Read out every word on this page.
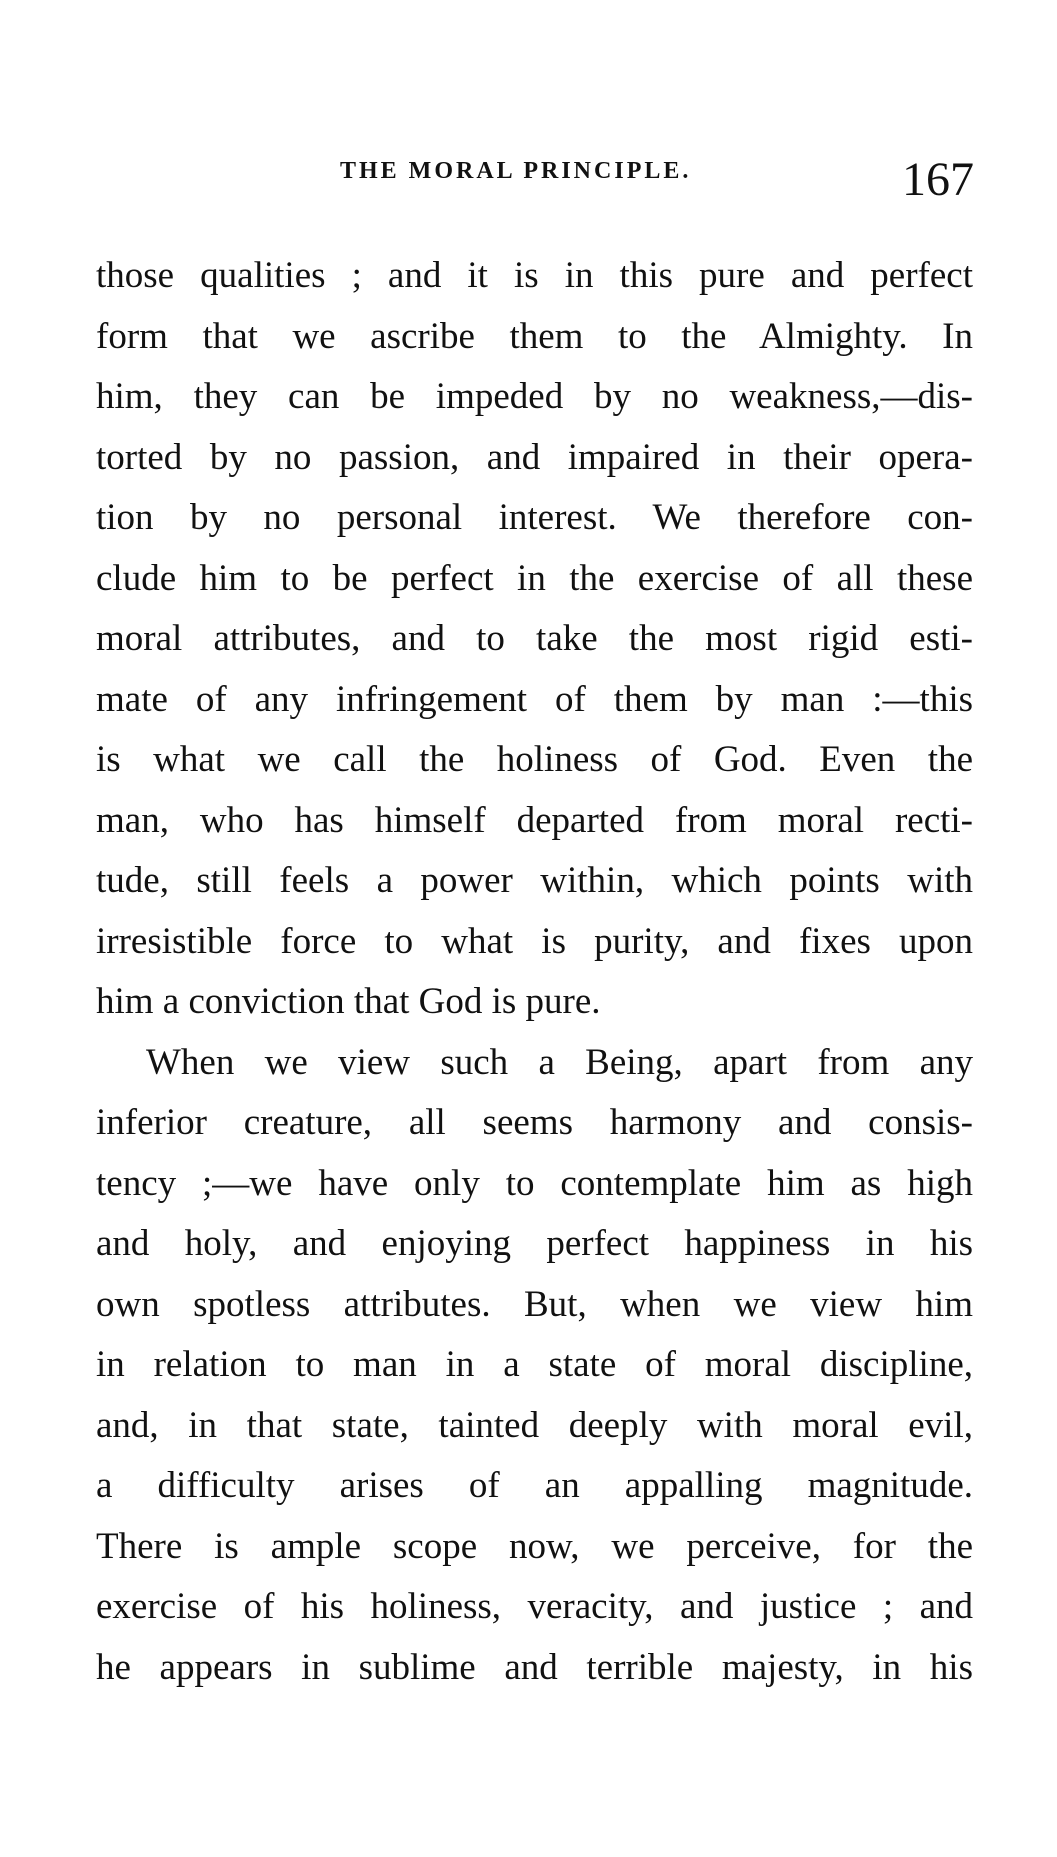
THE MORAL PRINCIPLE.	167
those qualities ; and it is in this pure and perfect
form that we ascribe them to the Almighty. In
him, they can be impeded by no weakness,—dis-
torted by no passion, and impaired in their opera-
tion by no personal interest. We therefore con-
clude him to be perfect in the exercise of all these
moral attributes, and to take the most rigid esti-
mate of any infringement of them by man :—this
is what we call the holiness of God. Even the
man, who has himself departed from moral recti-
tude, still feels a power within, which points with
irresistible force to what is purity, and fixes upon
him a conviction that God is pure.
When we view such a Being, apart from any
inferior creature, all seems harmony and consis-
tency ;—we have only to contemplate him as high
and holy, and enjoying perfect happiness in his
own spotless attributes. But, when we view him
in relation to man in a state of moral discipline,
and, in that state, tainted deeply with moral evil,
a difficulty arises of an appalling magnitude.
There is ample scope now, we perceive, for the
exercise of his holiness, veracity, and justice ; and
he appears in sublime and terrible majesty, in his
